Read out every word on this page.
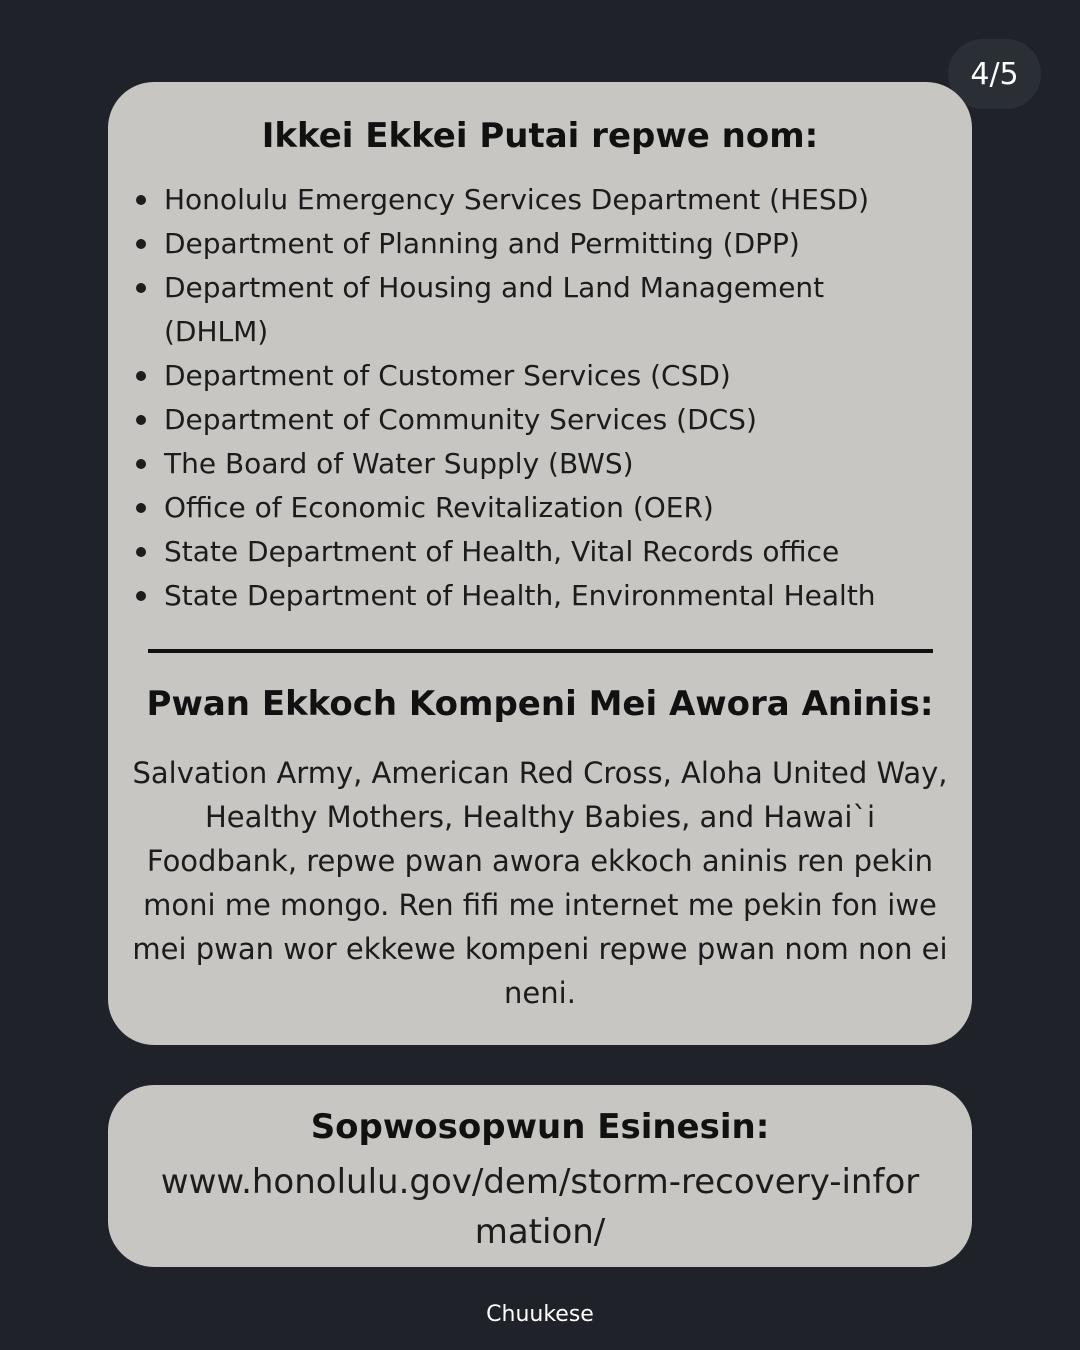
4/5
Ikkei Ekkei Putai repwe nom:
Honolulu Emergency Services Department (HESD)
Department of Planning and Permitting (DPP)
Department of Housing and Land Management (DHLM)
Department of Customer Services (CSD)
Department of Community Services (DCS)
The Board of Water Supply (BWS)
Office of Economic Revitalization (OER)
State Department of Health, Vital Records office
State Department of Health, Environmental Health
Pwan Ekkoch Kompeni Mei Awora Aninis:

Salvation Army, American Red Cross, Aloha United Way, Healthy Mothers, Healthy Babies, and Hawai`i Foodbank, repwe pwan awora ekkoch aninis ren pekin moni me mongo. Ren fifi me internet me pekin fon iwe mei pwan wor ekkewe kompeni repwe pwan nom non ei neni.

Sopwosopwun Esinesin:

www.honolulu.gov/dem/storm-recovery-information/

Chuukese
